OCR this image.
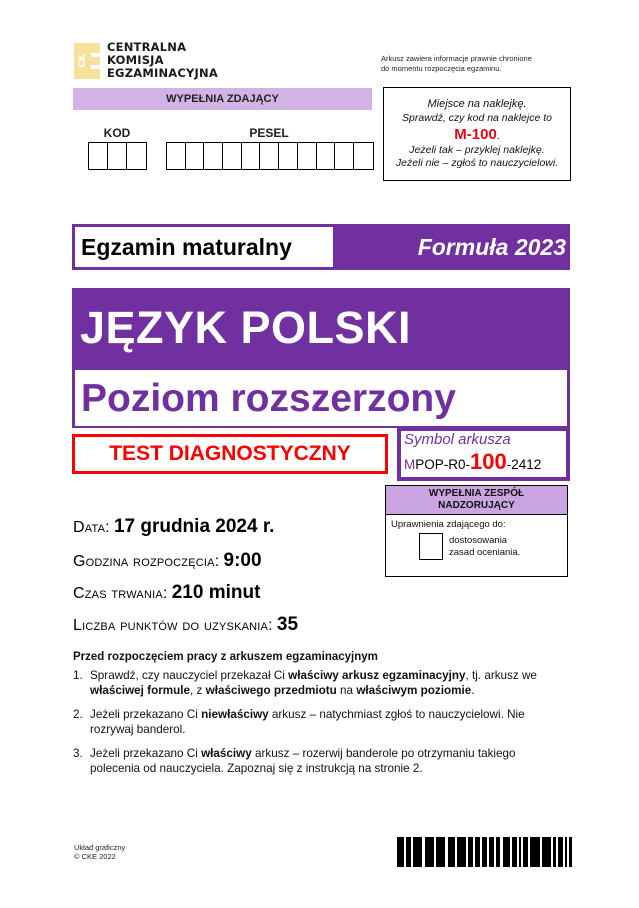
CK
CENTRALNA
KOMISJA
EGZAMINACYJNA
Arkusz zawiera informacje prawnie chronione
do momentu rozpoczęcia egzaminu.
WYPEŁNIA ZDAJĄCY
KOD	PESEL
Miejsce na naklejkę.
Sprawdź, czy kod na naklejce to
M-100.
Jeżeli tak – przyklej naklejkę.
Jeżeli nie – zgłoś to nauczycielowi.
Egzamin maturalny	Formuła 2023
JĘZYK POLSKI
Poziom rozszerzony
TEST DIAGNOSTYCZNY
Symbol arkusza
MPOP-R0-100-2412
WYPEŁNIA ZESPÓŁ
NADZORUJĄCY
Uprawnienia zdającego do:
dostosowania
zasad oceniania.
Data: 17 grudnia 2024 r.
Godzina rozpoczęcia: 9:00
Czas trwania: 210 minut
Liczba punktów do uzyskania: 35
Przed rozpoczęciem pracy z arkuszem egzaminacyjnym
1. Sprawdź, czy nauczyciel przekazał Ci właściwy arkusz egzaminacyjny, tj. arkusz we właściwej formule, z właściwego przedmiotu na właściwym poziomie.
2. Jeżeli przekazano Ci niewłaściwy arkusz – natychmiast zgłoś to nauczycielowi. Nie rozrywaj banderol.
3. Jeżeli przekazano Ci właściwy arkusz – rozerwij banderole po otrzymaniu takiego polecenia od nauczyciela. Zapoznaj się z instrukcją na stronie 2.
Układ graficzny
© CKE 2022
